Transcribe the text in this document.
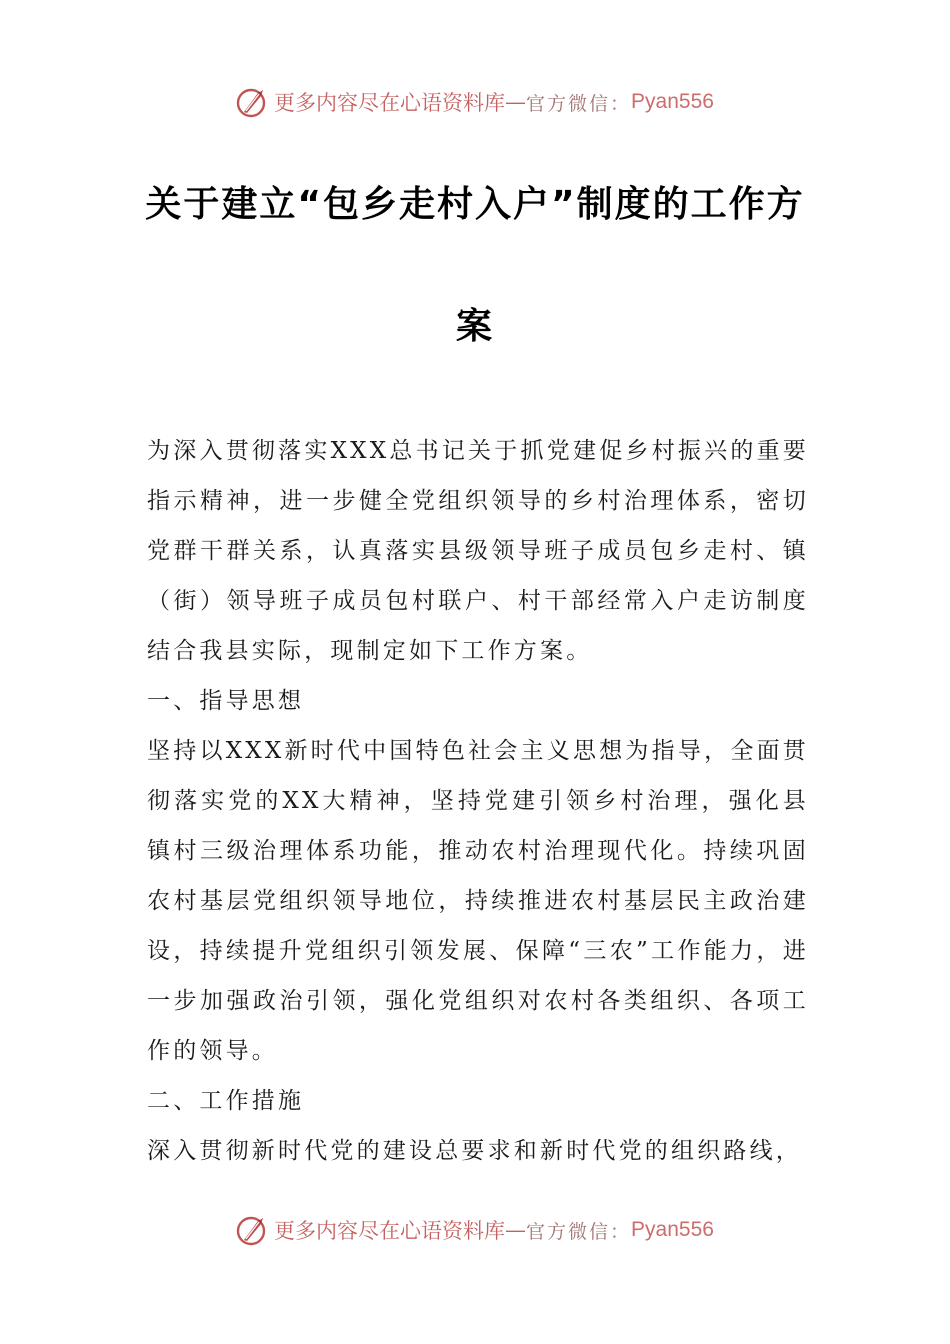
更多内容尽在心语资料库 — 官方微信： Pyan556
关于建立“包乡走村入户”制度的工作方
案

为深入贯彻落实XXX总书记关于抓党建促乡村振兴的重要指示精神，进一步健全党组织领导的乡村治理体系，密切党群干群关系，认真落实县级领导班子成员包乡走村、镇（街）领导班子成员包村联户、村干部经常入户走访制度结合我县实际，现制定如下工作方案。

一、指导思想

坚持以XXX新时代中国特色社会主义思想为指导，全面贯彻落实党的XX大精神，坚持党建引领乡村治理，强化县镇村三级治理体系功能，推动农村治理现代化。持续巩固农村基层党组织领导地位，持续推进农村基层民主政治建设，持续提升党组织引领发展、保障“三农”工作能力，进一步加强政治引领，强化党组织对农村各类组织、各项工作的领导。

二、工作措施

深入贯彻新时代党的建设总要求和新时代党的组织路线，

更多内容尽在心语资料库 — 官方微信： Pyan556
